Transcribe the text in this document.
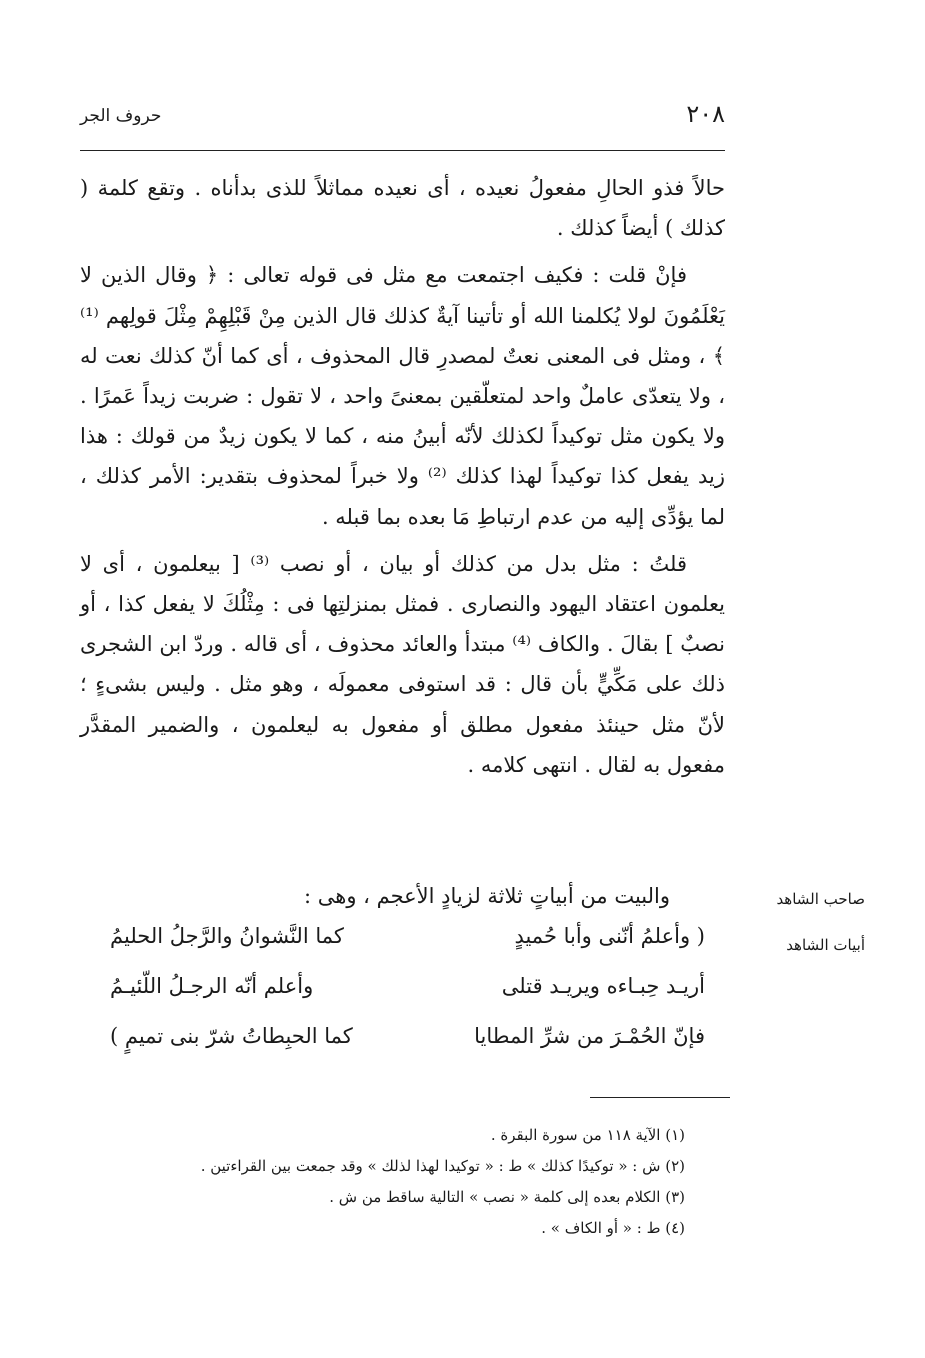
٢٠٨
حروف الجر

حالاً فذو الحالِ مفعولُ نعيده ، أى نعيده مماثلاً للذى بدأناه . وتقع كلمة ( كذلك ) أيضاً كذلك .

فإنْ قلت : فكيف اجتمعت مع مثل فى قوله تعالى : ﴿ وقال الذين لا يَعْلَمُونَ لولا يُكلمنا الله أو تأتينا آيةٌ كذلك قال الذين مِنْ قَبْلِهِمْ مِثْلَ قولِهم ⁽¹⁾ ﴾ ، ومثل فى المعنى نعتٌ لمصدرِ قال المحذوف ، أى كما أنّ كذلك نعت له ، ولا يتعدّى عاملٌ واحد لمتعلّقين بمعنىً واحد ، لا تقول : ضربت زيداً عَمرًا . ولا يكون مثل توكيداً لكذلك لأنّه أبينُ منه ، كما لا يكون زيدٌ من قولك : هذا زيد يفعل كذا توكيداً لهذا كذلك ⁽²⁾ ولا خبراً لمحذوف بتقدير: الأمر كذلك ، لما يؤدِّى إليه من عدم ارتباطِ مَا بعده بما قبله .

قلتُ : مثل بدل من كذلك أو بيان ، أو نصب ⁽³⁾ [ بيعلمون ، أى لا يعلمون اعتقاد اليهود والنصارى . فمثل بمنزلتِها فى : مِثْلُكَ لا يفعل كذا ، أو نصبٌ ] بقالَ . والكاف ⁽⁴⁾ مبتدأ والعائد محذوف ، أى قاله . وردّ ابن الشجرى ذلك على مَكِّيٍّ بأن قال : قد استوفى معمولَه ، وهو مثل . وليس بشىءٍ ؛ لأنّ مثل حينئذ مفعول مطلق أو مفعول به ليعلمون ، والضمير المقدَّر مفعول به لقال . انتهى كلامه .

صاحب الشاهد
أبيات الشاهد
والبيت من أبياتٍ ثلاثة لزيادٍ الأعجم ، وهى :
( وأعلمُ أنّنى وأبا حُميدٍ
كما النَّشوانُ والرَّجلُ الحليمُ
أريـد حِبـاءه ويريـد قتلى
وأعلم أنّه الرجـلُ اللّئيـمُ
فإنّ الحُمْـرَ من شرِّ المطايا
كما الحبِطاتُ شرّ بنى تميمٍ )
(١) الآية ١١٨ من سورة البقرة .
(٢) ش : « توكيدًا كذلك » ط : « توكيدا لهذا لذلك » وقد جمعت بين القراءتين .
(٣) الكلام بعده إلى كلمة « نصب » التالية ساقط من ش .
(٤) ط : « أو الكاف » .
